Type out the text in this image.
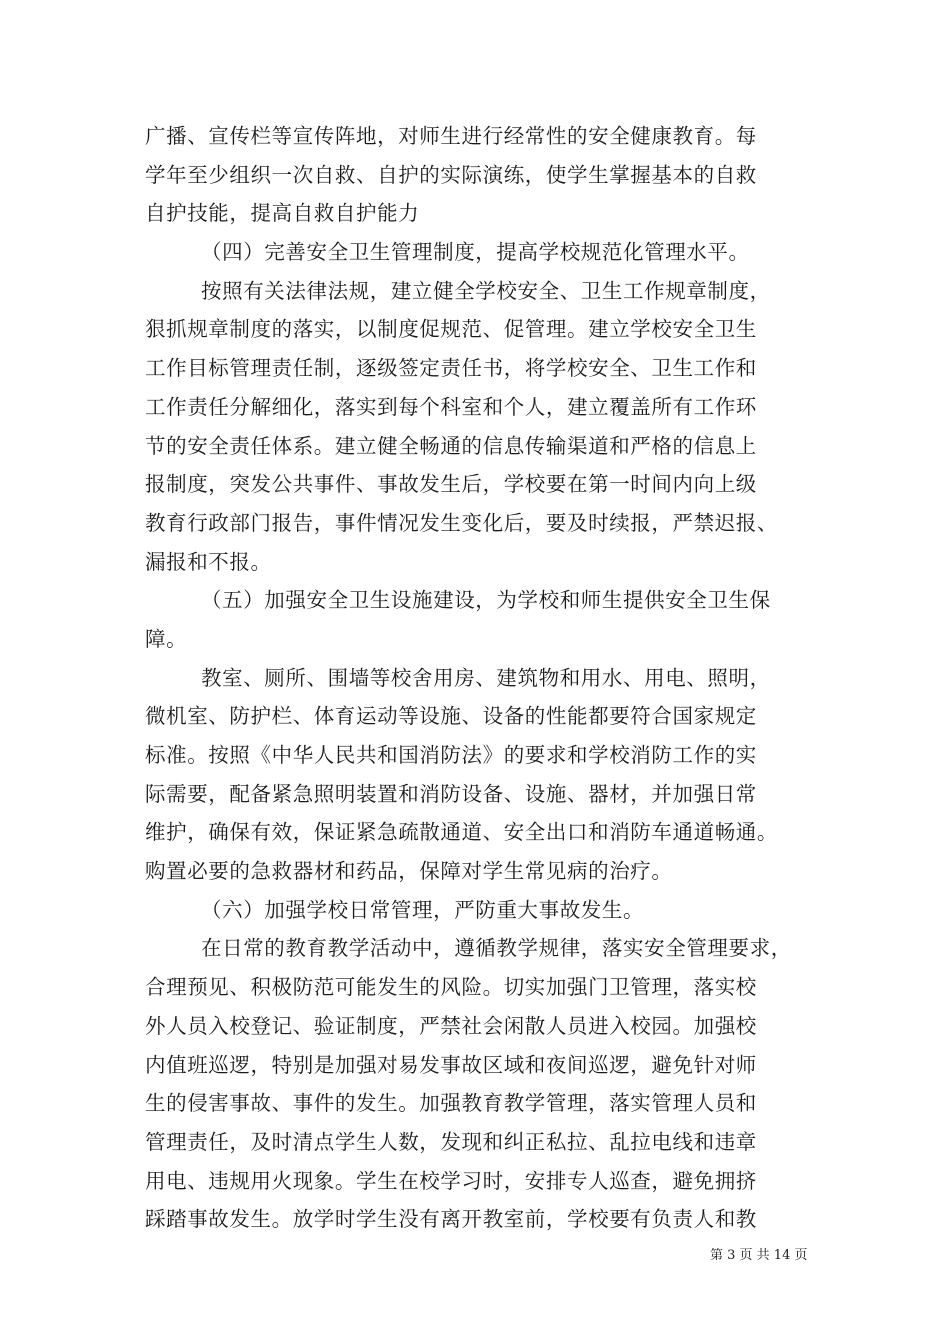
广播、宣传栏等宣传阵地，对师生进行经常性的安全健康教育。每
学年至少组织一次自救、自护的实际演练，使学生掌握基本的自救
自护技能，提高自救自护能力
（四）完善安全卫生管理制度，提高学校规范化管理水平。
按照有关法律法规，建立健全学校安全、卫生工作规章制度，
狠抓规章制度的落实，以制度促规范、促管理。建立学校安全卫生
工作目标管理责任制，逐级签定责任书，将学校安全、卫生工作和
工作责任分解细化，落实到每个科室和个人，建立覆盖所有工作环
节的安全责任体系。建立健全畅通的信息传输渠道和严格的信息上
报制度，突发公共事件、事故发生后，学校要在第一时间内向上级
教育行政部门报告，事件情况发生变化后，要及时续报，严禁迟报、
漏报和不报。
（五）加强安全卫生设施建设，为学校和师生提供安全卫生保
障。
教室、厕所、围墙等校舍用房、建筑物和用水、用电、照明，
微机室、防护栏、体育运动等设施、设备的性能都要符合国家规定
标准。按照《中华人民共和国消防法》的要求和学校消防工作的实
际需要，配备紧急照明装置和消防设备、设施、器材，并加强日常
维护，确保有效，保证紧急疏散通道、安全出口和消防车通道畅通。
购置必要的急救器材和药品，保障对学生常见病的治疗。
（六）加强学校日常管理，严防重大事故发生。
在日常的教育教学活动中，遵循教学规律，落实安全管理要求，
合理预见、积极防范可能发生的风险。切实加强门卫管理，落实校
外人员入校登记、验证制度，严禁社会闲散人员进入校园。加强校
内值班巡逻，特别是加强对易发事故区域和夜间巡逻，避免针对师
生的侵害事故、事件的发生。加强教育教学管理，落实管理人员和
管理责任，及时清点学生人数，发现和纠正私拉、乱拉电线和违章
用电、违规用火现象。学生在校学习时，安排专人巡查，避免拥挤
踩踏事故发生。放学时学生没有离开教室前，学校要有负责人和教
第 3 页 共 14 页
